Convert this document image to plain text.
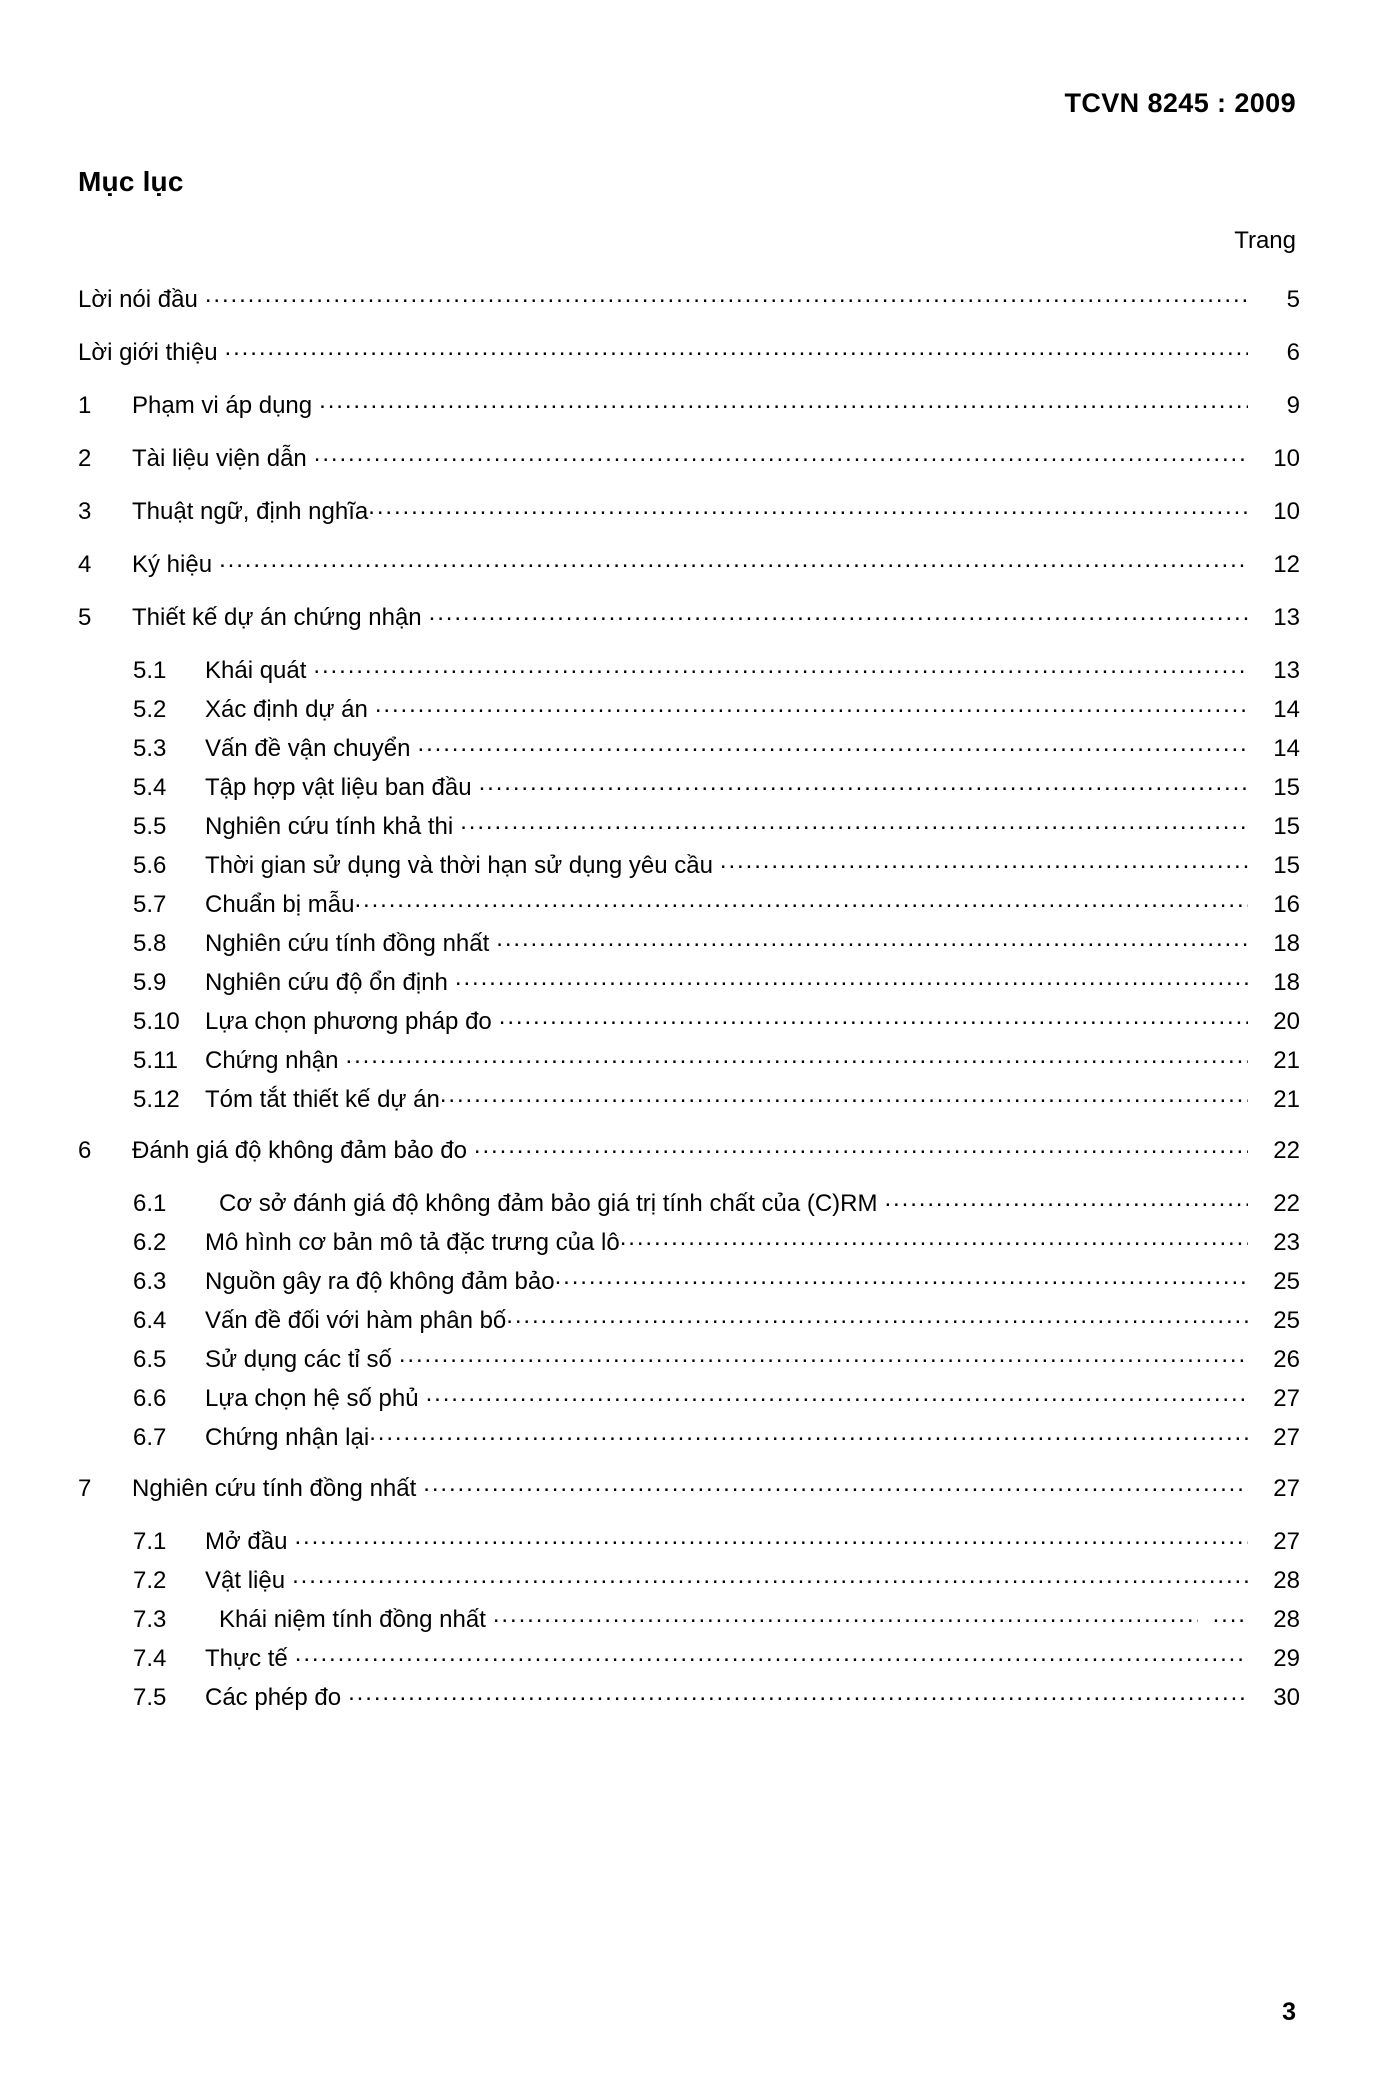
TCVN 8245 : 2009
Mục lục
Trang
Lời nói đầu .....	5
Lời giới thiệu .....	6
1	Phạm vi áp dụng .....	9
2	Tài liệu viện dẫn .....	10
3	Thuật ngữ, định nghĩa .....	10
4	Ký hiệu .....	12
5	Thiết kế dự án chứng nhận .....	13
5.1	Khái quát .....	13
5.2	Xác định dự án .....	14
5.3	Vấn đề vận chuyển .....	14
5.4	Tập hợp vật liệu ban đầu .....	15
5.5	Nghiên cứu tính khả thi .....	15
5.6	Thời gian sử dụng và thời hạn sử dụng yêu cầu .....	15
5.7	Chuẩn bị mẫu .....	16
5.8	Nghiên cứu tính đồng nhất .....	18
5.9	Nghiên cứu độ ổn định .....	18
5.10	Lựa chọn phương pháp đo .....	20
5.11	Chứng nhận .....	21
5.12	Tóm tắt thiết kế dự án .....	21
6	Đánh giá độ không đảm bảo đo .....	22
6.1	Cơ sở đánh giá độ không đảm bảo giá trị tính chất của (C)RM .....	22
6.2	Mô hình cơ bản mô tả đặc trưng của lô .....	23
6.3	Nguồn gây ra độ không đảm bảo .....	25
6.4	Vấn đề đối với hàm phân bố .....	25
6.5	Sử dụng các tỉ số .....	26
6.6	Lựa chọn hệ số phủ .....	27
6.7	Chứng nhận lại .....	27
7	Nghiên cứu tính đồng nhất .....	27
7.1	Mở đầu .....	27
7.2	Vật liệu .....	28
7.3	Khái niệm tính đồng nhất .....	28
7.4	Thực tế .....	29
7.5	Các phép đo .....	30
3
